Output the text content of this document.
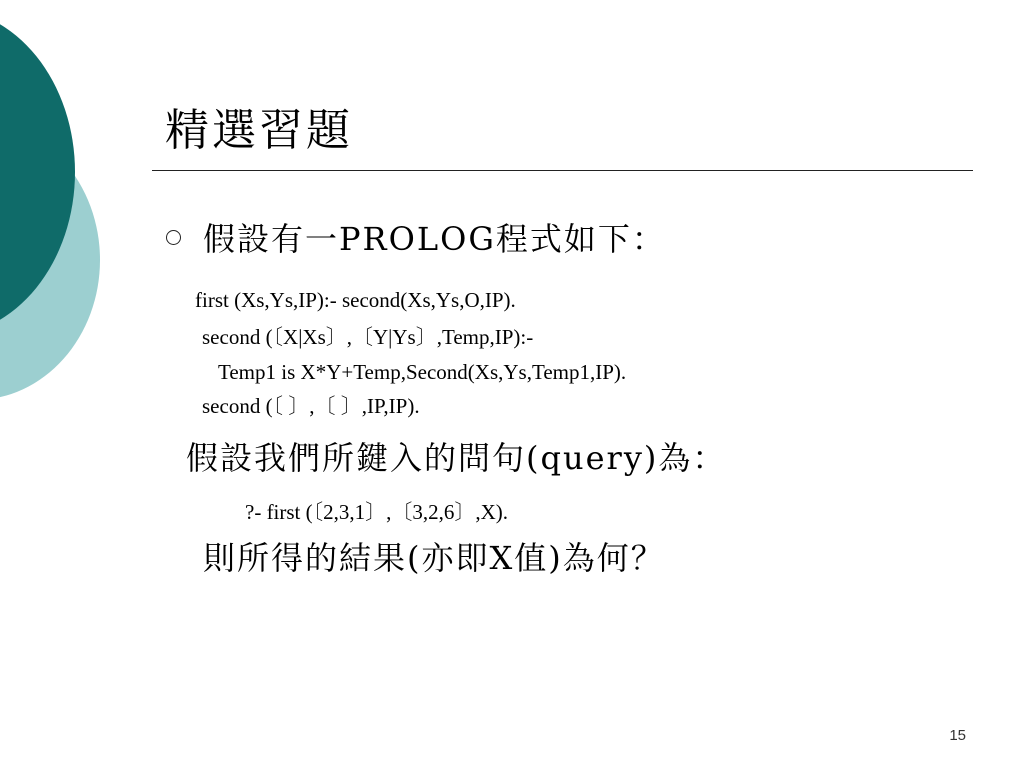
精選習題
假設有一PROLOG程式如下：
first (Xs,Ys,IP):- second(Xs,Ys,O,IP).
second (〔X|Xs〕,〔Y|Ys〕,Temp,IP):-
Temp1 is X*Y+Temp,Second(Xs,Ys,Temp1,IP).
second (〔 〕,〔 〕,IP,IP).
假設我們所鍵入的問句(query)為：
?- first (〔2,3,1〕,〔3,2,6〕,X).
則所得的結果(亦即X值)為何？
15
